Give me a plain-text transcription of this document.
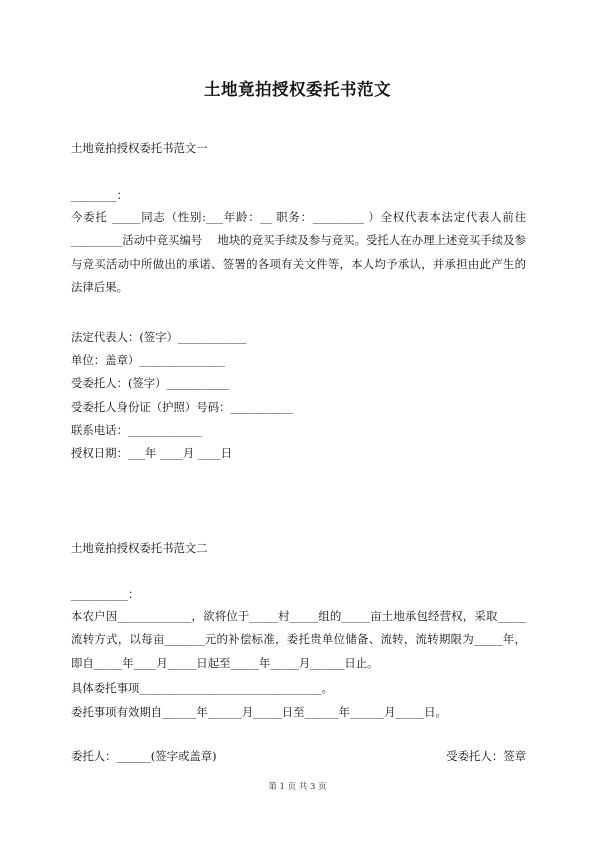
土地竟拍授权委托书范文
土地竟拍授权委托书范文一
________：
今委托 _____同志（性别:___年龄：__ 职务：_________ ）全权代表本法定代表人前往_________活动中竞买编号　 地块的竞买手续及参与竞买。受托人在办理上述竞买手续及参与竞买活动中所做出的承诺、签署的各项有关文件等，本人均予承认，并承担由此产生的法律后果。
法定代表人：(签字）____________
单位：盖章）_______________
受委托人：(签字）___________
受委托人身份证（护照）号码：___________
联系电话：_____________
授权日期：___年 ____月 ____日
土地竟拍授权委托书范文二
__________：
本农户因_____________，欲将位于_____村_____组的_____亩土地承包经营权，采取_____流转方式，以每亩_______元的补偿标准，委托贵单位储备、流转，流转期限为_____年，即自_____年____月_____日起至_____年_____月______日止。
具体委托事项________________________________。
委托事项有效期自______年______月_____日至______年______月_____日。
委托人：______(签字或盖章)	受委托人：签章
第 1 页 共 3 页
